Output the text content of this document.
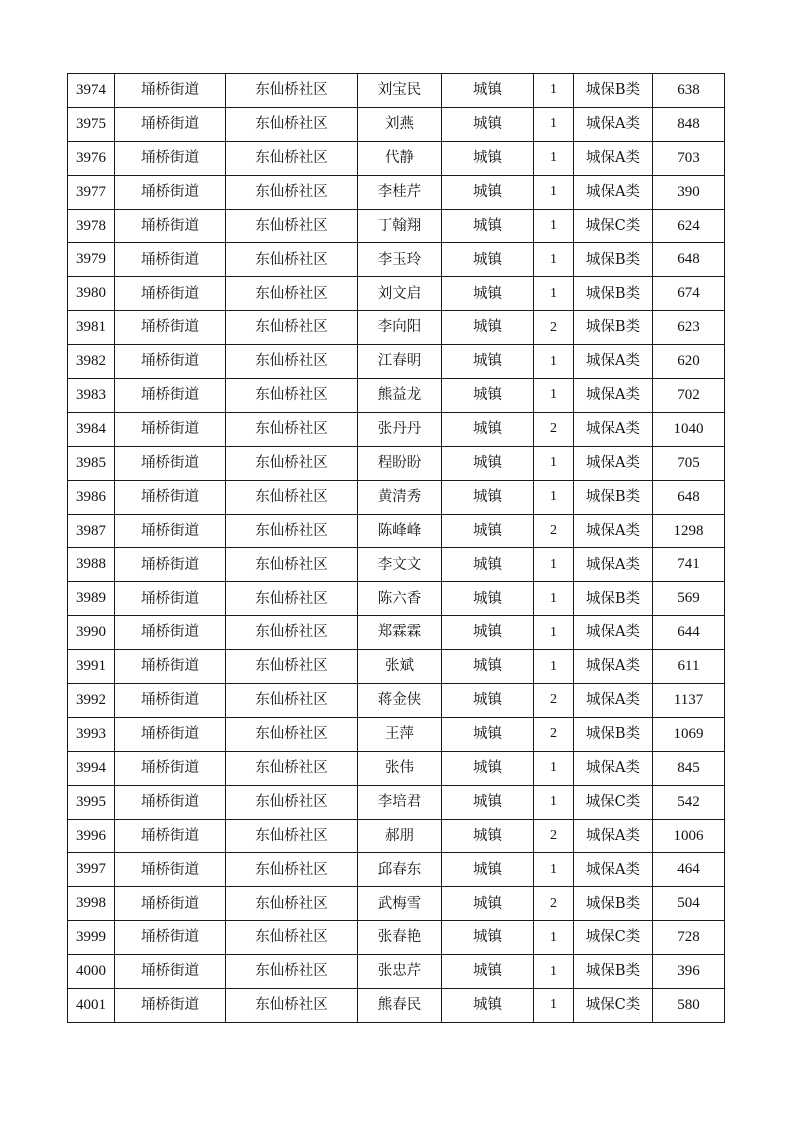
3974	埇桥街道	东仙桥社区	刘宝民	城镇	1	城保B类	638
3975	埇桥街道	东仙桥社区	刘燕	城镇	1	城保A类	848
3976	埇桥街道	东仙桥社区	代静	城镇	1	城保A类	703
3977	埇桥街道	东仙桥社区	李桂芹	城镇	1	城保A类	390
3978	埇桥街道	东仙桥社区	丁翰翔	城镇	1	城保C类	624
3979	埇桥街道	东仙桥社区	李玉玲	城镇	1	城保B类	648
3980	埇桥街道	东仙桥社区	刘文启	城镇	1	城保B类	674
3981	埇桥街道	东仙桥社区	李向阳	城镇	2	城保B类	623
3982	埇桥街道	东仙桥社区	江春明	城镇	1	城保A类	620
3983	埇桥街道	东仙桥社区	熊益龙	城镇	1	城保A类	702
3984	埇桥街道	东仙桥社区	张丹丹	城镇	2	城保A类	1040
3985	埇桥街道	东仙桥社区	程盼盼	城镇	1	城保A类	705
3986	埇桥街道	东仙桥社区	黄清秀	城镇	1	城保B类	648
3987	埇桥街道	东仙桥社区	陈峰峰	城镇	2	城保A类	1298
3988	埇桥街道	东仙桥社区	李文文	城镇	1	城保A类	741
3989	埇桥街道	东仙桥社区	陈六香	城镇	1	城保B类	569
3990	埇桥街道	东仙桥社区	郑霖霖	城镇	1	城保A类	644
3991	埇桥街道	东仙桥社区	张斌	城镇	1	城保A类	611
3992	埇桥街道	东仙桥社区	蒋金侠	城镇	2	城保A类	1137
3993	埇桥街道	东仙桥社区	王萍	城镇	2	城保B类	1069
3994	埇桥街道	东仙桥社区	张伟	城镇	1	城保A类	845
3995	埇桥街道	东仙桥社区	李培君	城镇	1	城保C类	542
3996	埇桥街道	东仙桥社区	郝朋	城镇	2	城保A类	1006
3997	埇桥街道	东仙桥社区	邱春东	城镇	1	城保A类	464
3998	埇桥街道	东仙桥社区	武梅雪	城镇	2	城保B类	504
3999	埇桥街道	东仙桥社区	张春艳	城镇	1	城保C类	728
4000	埇桥街道	东仙桥社区	张忠芹	城镇	1	城保B类	396
4001	埇桥街道	东仙桥社区	熊春民	城镇	1	城保C类	580
